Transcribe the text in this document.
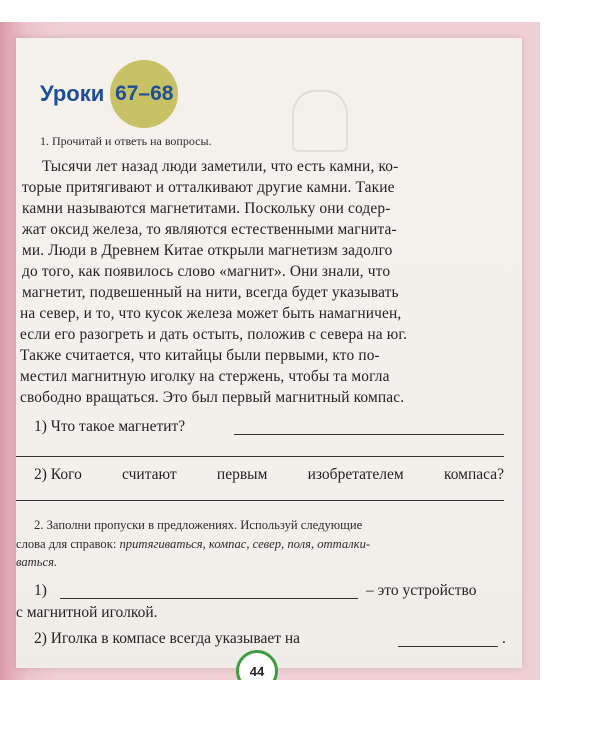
Уроки 67–68
1. Прочитай и ответь на вопросы.
Тысячи лет назад люди заметили, что есть камни, ко-
торые притягивают и отталкивают другие камни. Такие
камни называются магнетитами. Поскольку они содер-
жат оксид железа, то являются естественными магнита-
ми. Люди в Древнем Китае открыли магнетизм задолго
до того, как появилось слово «магнит». Они знали, что
магнетит, подвешенный на нити, всегда будет указывать
на север, и то, что кусок железа может быть намагничен,
если его разогреть и дать остыть, положив с севера на юг.
Также считается, что китайцы были первыми, кто по-
местил магнитную иголку на стержень, чтобы та могла
свободно вращаться. Это был первый магнитный компас.
1) Что такое магнетит?
2) Кого	считают	первым	изобретателем	компаса?
2. Заполни пропуски в предложениях. Используй следующие
слова для справок: притягиваться, компас, север, поля, отталки-
ваться.
1)	– это устройство
с магнитной иголкой.
2) Иголка в компасе всегда указывает на	.
44
